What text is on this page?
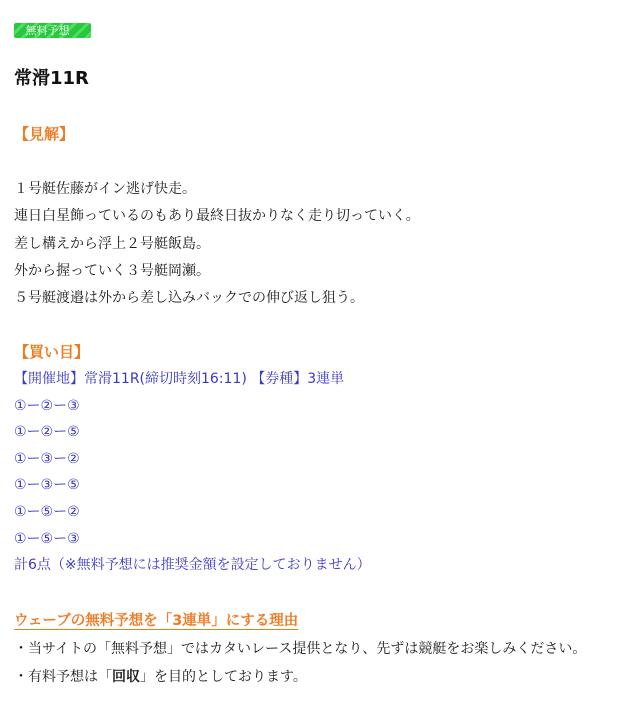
無料予想
常滑11R
【見解】
１号艇佐藤がイン逃げ快走。
連日白星飾っているのもあり最終日抜かりなく走り切っていく。
差し構えから浮上２号艇飯島。
外から握っていく３号艇岡瀬。
５号艇渡邉は外から差し込みバックでの伸び返し狙う。
【買い目】
【開催地】常滑11R(締切時刻16:11) 【券種】3連単
①ー②ー③
①ー②ー⑤
①ー③ー②
①ー③ー⑤
①ー⑤ー②
①ー⑤ー③
計6点（※無料予想には推奨金額を設定しておりません）
ウェーブの無料予想を「3連単」にする理由
・当サイトの「無料予想」ではカタいレース提供となり、先ずは競艇をお楽しみください。
・有料予想は「回収」を目的としております。
